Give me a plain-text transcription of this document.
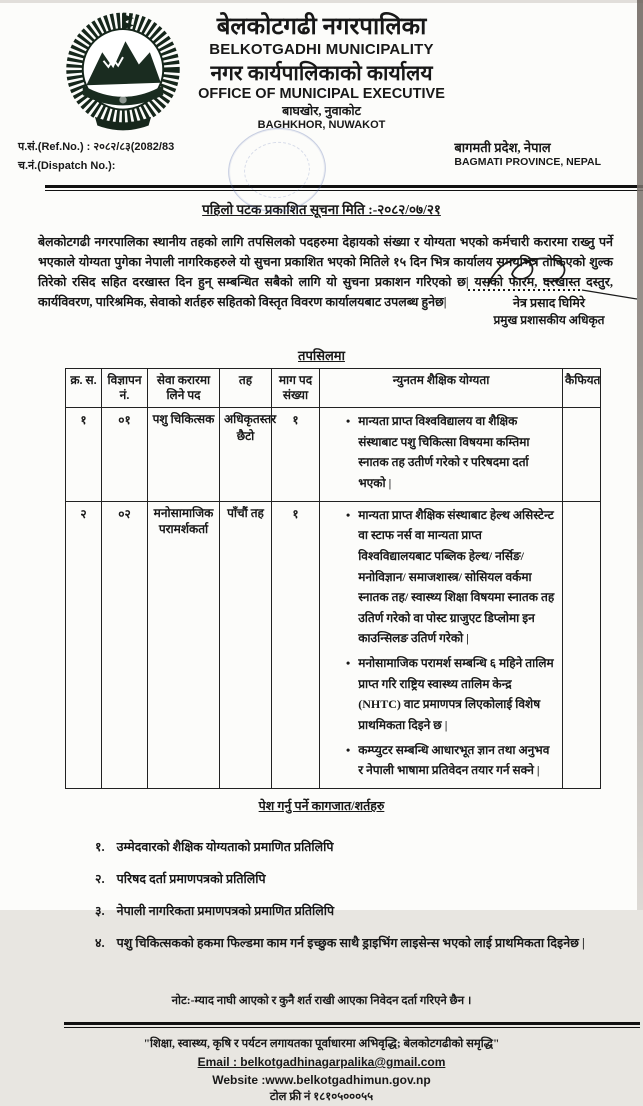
बेलकोटगढी नगरपालिका
BELKOTGADHI MUNICIPALITY
नगर कार्यपालिकाको कार्यालय
OFFICE OF MUNICIPAL EXECUTIVE
बाघखोर, नुवाकोट
BAGHKHOR, NUWAKOT
प.सं.(Ref.No.) : २०८२/८३(2082/83
च.नं.(Dispatch No.):
बागमती प्रदेश, नेपाल
BAGMATI PROVINCE, NEPAL
पहिलो पटक प्रकाशित सूचना मिति :-२०८२/०७/२१

बेलकोटगढी नगरपालिका स्थानीय तहको लागि तपसिलको पदहरुमा देहायको संख्या र योग्यता भएको कर्मचारी करारमा राख्नु पर्ने भएकाले योग्यता पुगेका नेपाली नागरिकहरुले यो सुचना प्रकाशित भएको मितिले १५ दिन भित्र कार्यालय समयभित्र तोकिएको शुल्क तिरेको रसिद सहित दरखास्त दिन हुन् सम्बन्धित सबैको लागि यो सुचना प्रकाशन गरिएको छ| यसको फारम, दरखास्त दस्तुर, कार्यविवरण, पारिश्रमिक, सेवाको शर्तहरु सहितको विस्तृत विवरण कार्यालयबाट उपलब्ध हुनेछ|	नेत्र प्रसाद घिमिरे
प्रमुख प्रशासकीय अधिकृत
तपसिलमा
क्र. स.	विज्ञापन नं.	सेवा करारमा लिने पद	तह	माग पद संख्या	न्युनतम शैक्षिक योग्यता	कैफियत
१	०१	पशु चिकित्सक	अधिकृतस्तर छैटो	१	• मान्यता प्राप्त विश्वविद्यालय वा शैक्षिक संस्थाबाट पशु चिकित्सा विषयमा कम्तिमा स्नातक तह उतीर्ण गरेको र परिषदमा दर्ता भएको |	

२	०२	मनोसामाजिक परामर्शकर्ता	पाँचौं तह	१	• मान्यता प्राप्त शैक्षिक संस्थाबाट हेल्थ असिस्टेन्ट वा स्टाफ नर्स वा मान्यता प्राप्त विश्वविद्यालयबाट पब्लिक हेल्थ/ नर्सिङ/ मनोविज्ञान/ समाजशास्त्र/ सोसियल वर्कमा स्नातक तह/ स्वास्थ्य शिक्षा विषयमा स्नातक तह उतिर्ण गरेको वा पोस्ट ग्राजुएट डिप्लोमा इन काउन्सिलङ उतिर्ण गरेको |
• मनोसामाजिक परामर्श सम्बन्धि ६ महिने तालिम प्राप्त गरि राष्ट्रिय स्वास्थ्य तालिम केन्द्र (NHTC) वाट प्रमाणपत्र लिएकोलाई विशेष प्राथमिकता दिइने छ |
• कम्प्युटर सम्बन्धि आधारभूत ज्ञान तथा अनुभव र नेपाली भाषामा प्रतिवेदन तयार गर्न सक्ने |

पेश गर्नु पर्ने कागजात/शर्तहरु
१. उम्मेदवारको शैक्षिक योग्यताको प्रमाणित प्रतिलिपि
२. परिषद दर्ता प्रमाणपत्रको प्रतिलिपि
३. नेपाली नागरिकता प्रमाणपत्रको प्रमाणित प्रतिलिपि
४. पशु चिकित्सकको हकमा फिल्डमा काम गर्न इच्छुक साथै ड्राइभिंग लाइसेन्स भएको लाई प्राथमिकता दिइनेछ |
नोट:-म्याद नाघी आएको र कुनै शर्त राखी आएका निवेदन दर्ता गरिएने छैन ।
"शिक्षा, स्वास्थ्य, कृषि र पर्यटन लगायतका पूर्वाधारमा अभिवृद्धि; बेलकोटगढीको समृद्धि"
Email : belkotgadhinagarpalika@gmail.com
Website :www.belkotgadhimun.gov.np
टोल फ्री नं १८१०५०००५५
